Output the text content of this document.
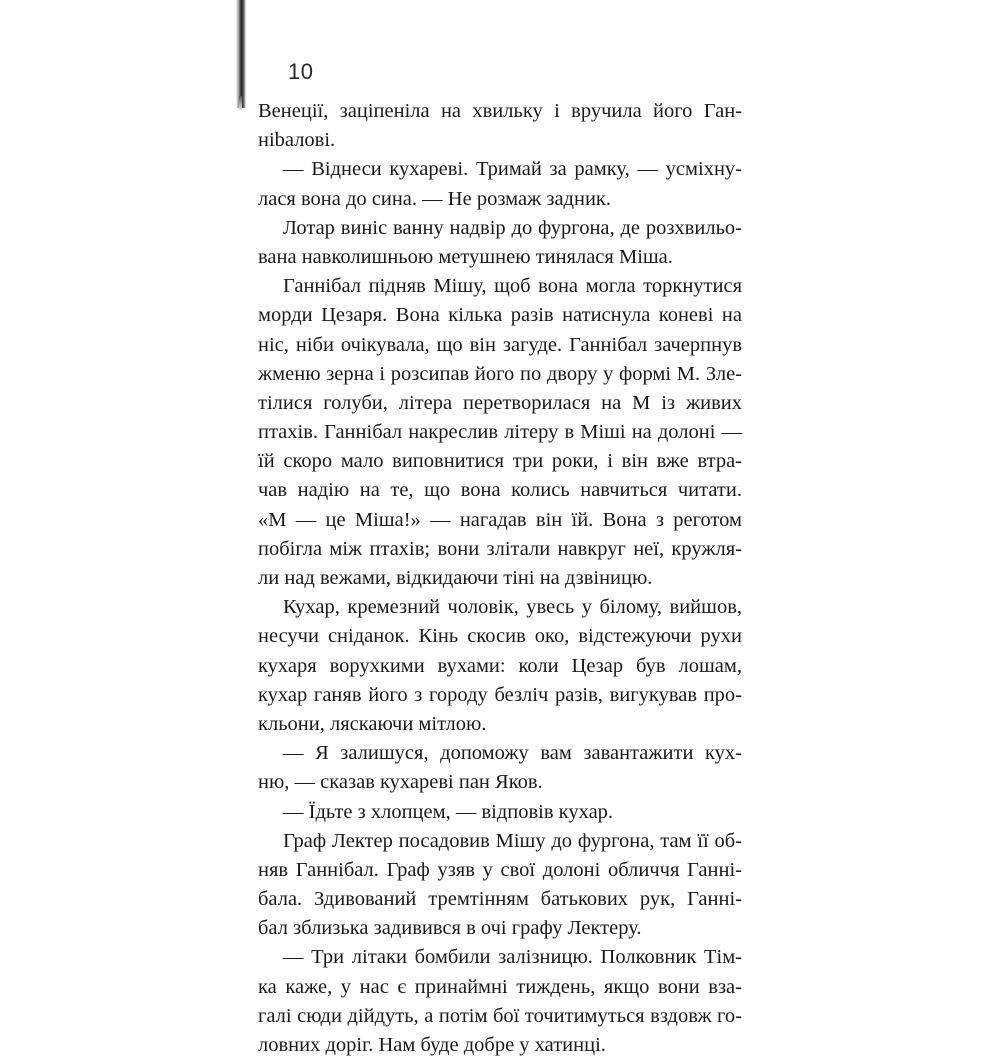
10
Венеції, заціпеніла на хвильку і вручила його Ган-
ніbалові.
— Віднеси кухареві. Тримай за рамку, — усміхну-
лася вона до сина. — Не розмаж задник.
Лотар виніс ванну надвір до фургона, де розхвильо-
вана навколишньою метушнею тинялася Міша.
Ганнібал підняв Мішу, щоб вона могла торкнутися
морди Цезаря. Вона кілька разів натиснула коневі на
ніс, ніби очікувала, що він загуде. Ганнібал зачерпнув
жменю зерна і розсипав його по двору у формі М. Зле-
тілися голуби, літера перетворилася на М із живих
птахів. Ганнібал накреслив літеру в Міші на долоні —
їй скоро мало виповнитися три роки, і він вже втра-
чав надію на те, що вона колись навчиться читати.
«М — це Міша!» — нагадав він їй. Вона з реготом
побігла між птахів; вони злітали навкруг неї, кружля-
ли над вежами, відкидаючи тіні на дзвіницю.
Кухар, кремезний чоловік, увесь у білому, вийшов,
несучи сніданок. Кінь скосив око, відстежуючи рухи
кухаря ворухкими вухами: коли Цезар був лошам,
кухар ганяв його з городу безліч разів, вигукував про-
кльони, ляскаючи мітлою.
— Я залишуся, допоможу вам завантажити кух-
ню, — сказав кухареві пан Яков.
— Їдьте з хлопцем, — відповів кухар.
Граф Лектер посадовив Мішу до фургона, там її об-
няв Ганнібал. Граф узяв у свої долоні обличчя Ганні-
бала. Здивований тремтінням батькових рук, Ганні-
бал зблизька задивився в очі графу Лектеру.
— Три літаки бомбили залізницю. Полковник Тім-
ка каже, у нас є принаймні тиждень, якщо вони вза-
галі сюди дійдуть, а потім бої точитимуться вздовж го-
ловних доріг. Нам буде добре у хатинці.
